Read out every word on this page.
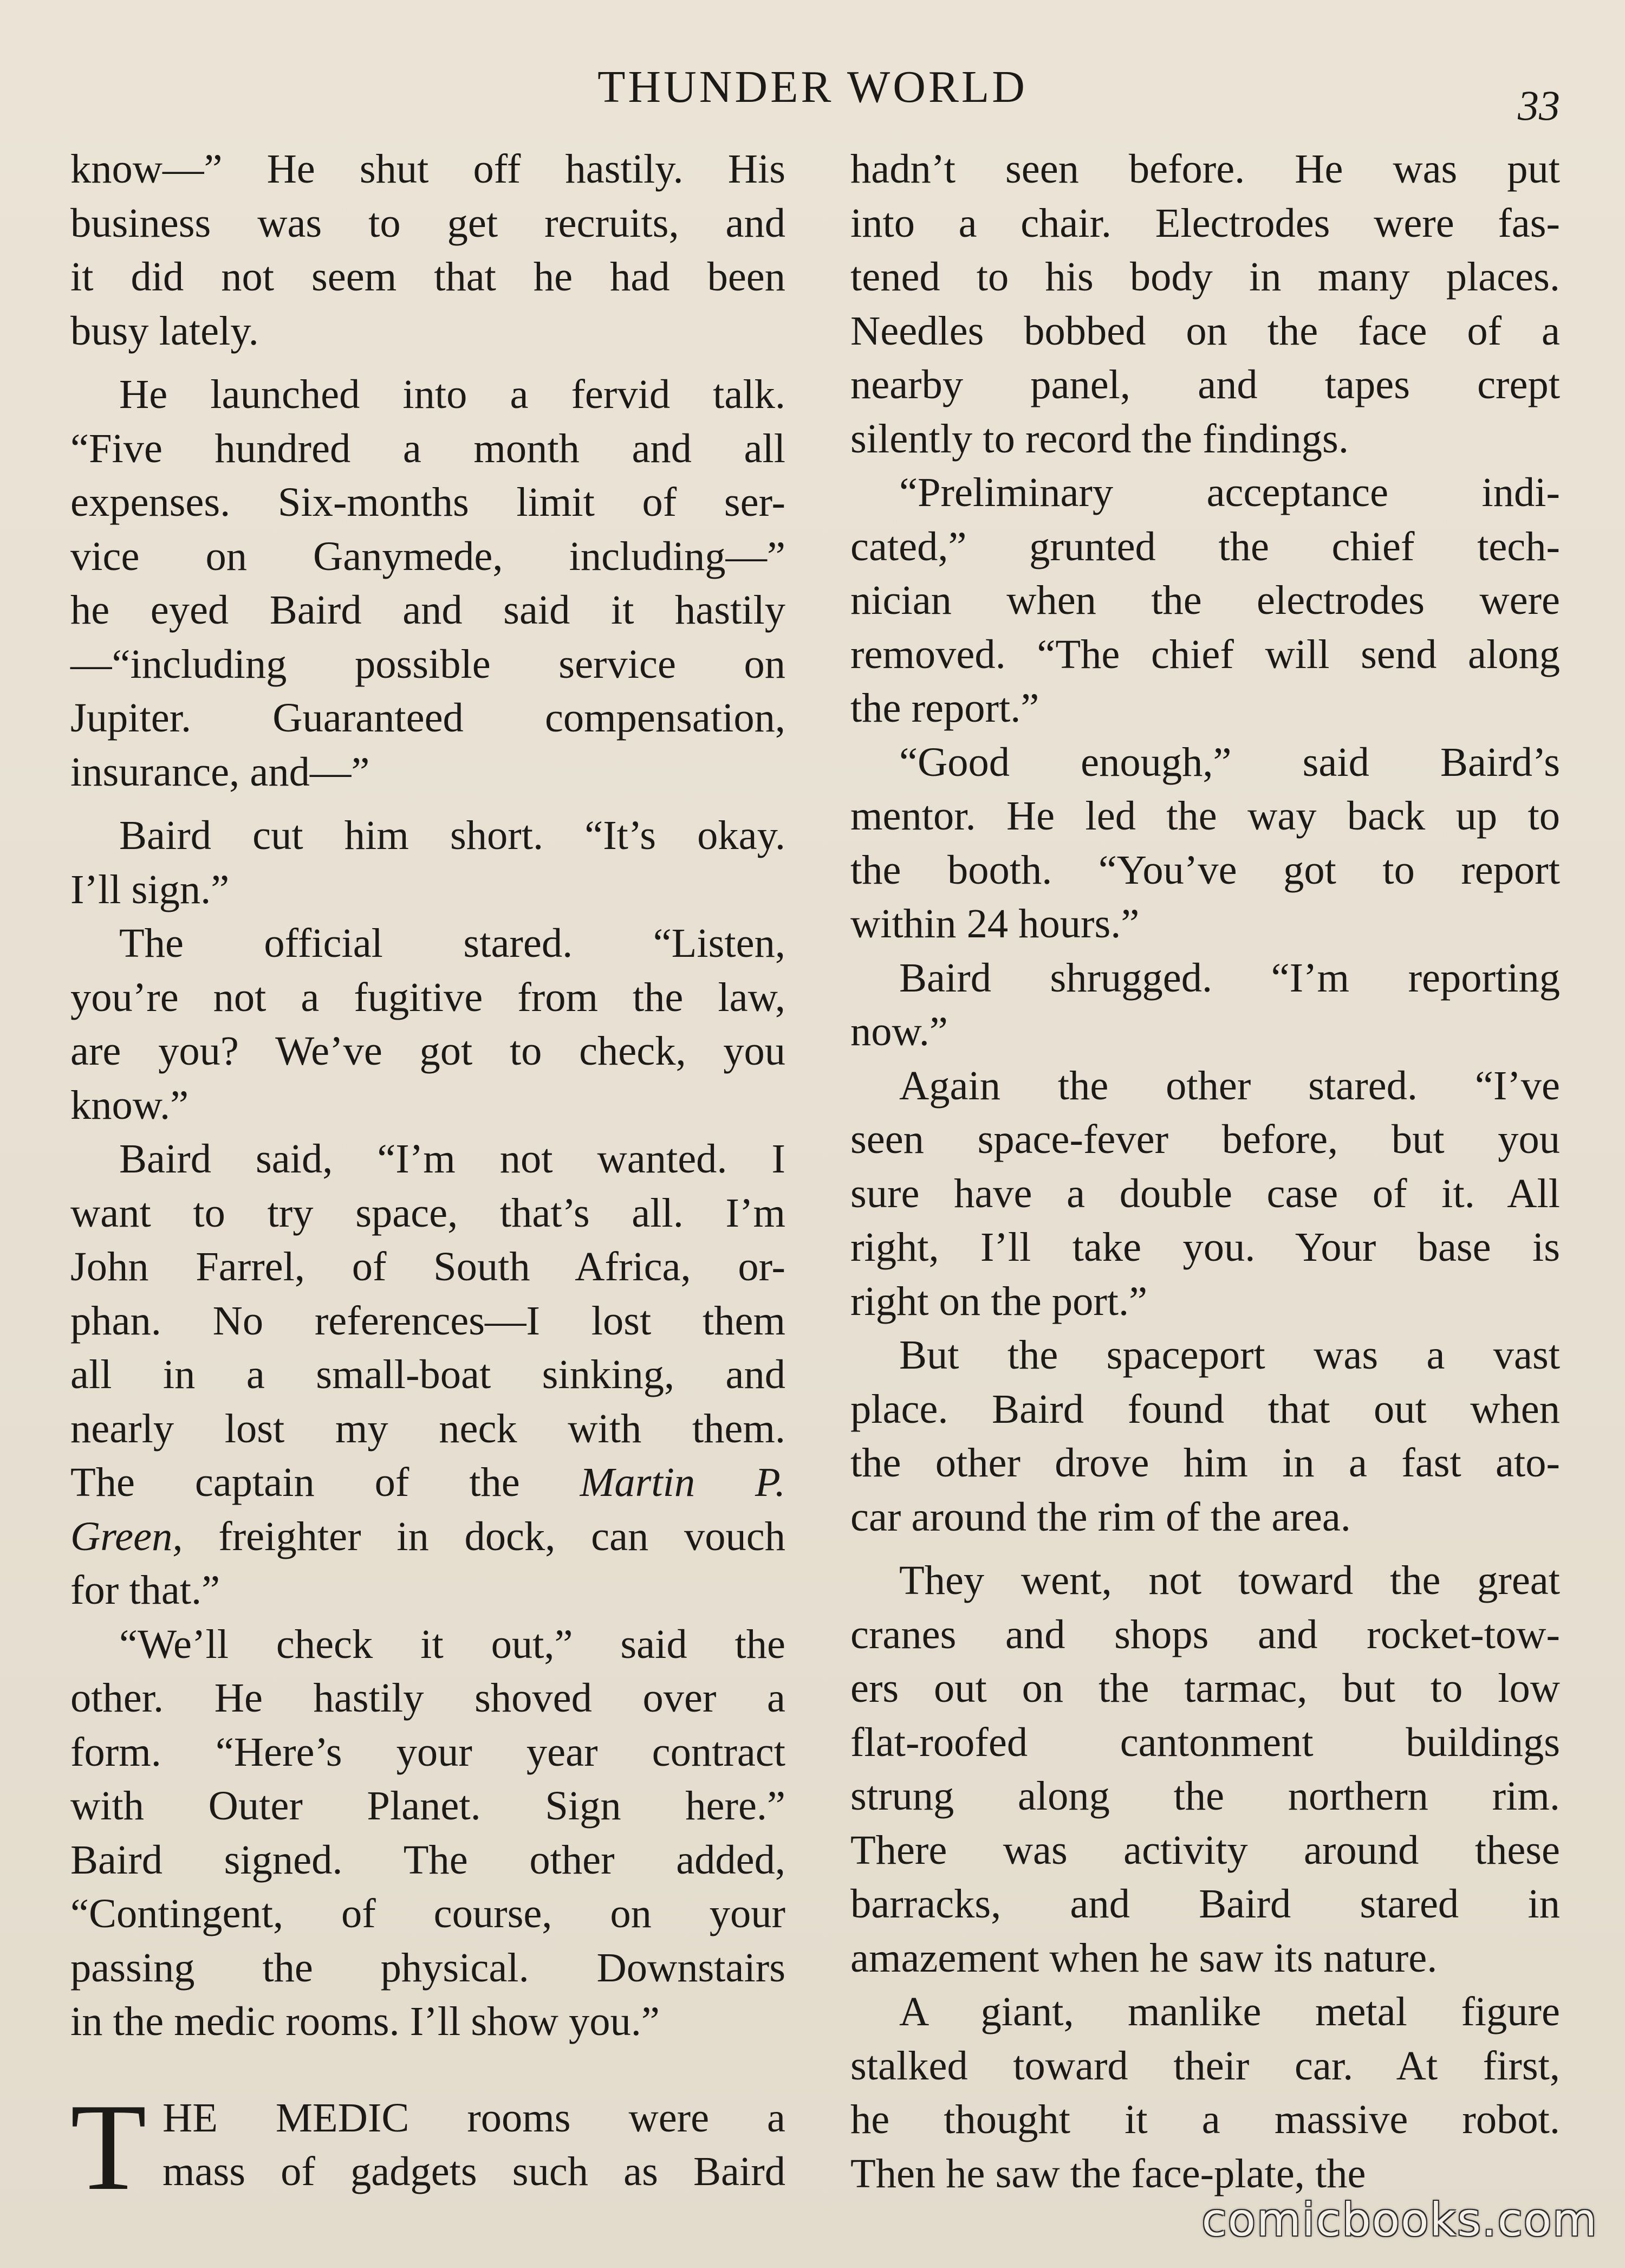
THUNDER WORLD	33

know—” He shut off hastily. His
business was to get recruits, and
it did not seem that he had been
busy lately.

He launched into a fervid talk.
“Five hundred a month and all
expenses. Six-months limit of ser-
vice on Ganymede, including—”
he eyed Baird and said it hastily
—“including possible service on
Jupiter. Guaranteed compensation,
insurance, and—”

Baird cut him short. “It’s okay.
I’ll sign.”

The official stared. “Listen,
you’re not a fugitive from the law,
are you? We’ve got to check, you
know.”

Baird said, “I’m not wanted. I
want to try space, that’s all. I’m
John Farrel, of South Africa, or-
phan. No references—I lost them
all in a small-boat sinking, and
nearly lost my neck with them.
The captain of the Martin P.
Green, freighter in dock, can vouch
for that.”

“We’ll check it out,” said the
other. He hastily shoved over a
form. “Here’s your year contract
with Outer Planet. Sign here.”
Baird signed. The other added,
“Contingent, of course, on your
passing the physical. Downstairs
in the medic rooms. I’ll show you.”

T HE MEDIC rooms were a
mass of gadgets such as Baird

hadn’t seen before. He was put
into a chair. Electrodes were fas-
tened to his body in many places.
Needles bobbed on the face of a
nearby panel, and tapes crept
silently to record the findings.

“Preliminary acceptance indi-
cated,” grunted the chief tech-
nician when the electrodes were
removed. “The chief will send along
the report.”

“Good enough,” said Baird’s
mentor. He led the way back up to
the booth. “You’ve got to report
within 24 hours.”

Baird shrugged. “I’m reporting
now.”

Again the other stared. “I’ve
seen space-fever before, but you
sure have a double case of it. All
right, I’ll take you. Your base is
right on the port.”

But the spaceport was a vast
place. Baird found that out when
the other drove him in a fast ato-
car around the rim of the area.

They went, not toward the great
cranes and shops and rocket-tow-
ers out on the tarmac, but to low
flat-roofed cantonment buildings
strung along the northern rim.
There was activity around these
barracks, and Baird stared in
amazement when he saw its nature.

A giant, manlike metal figure
stalked toward their car. At first,
he thought it a massive robot.
Then he saw the face-plate, the

comicbooks.com
